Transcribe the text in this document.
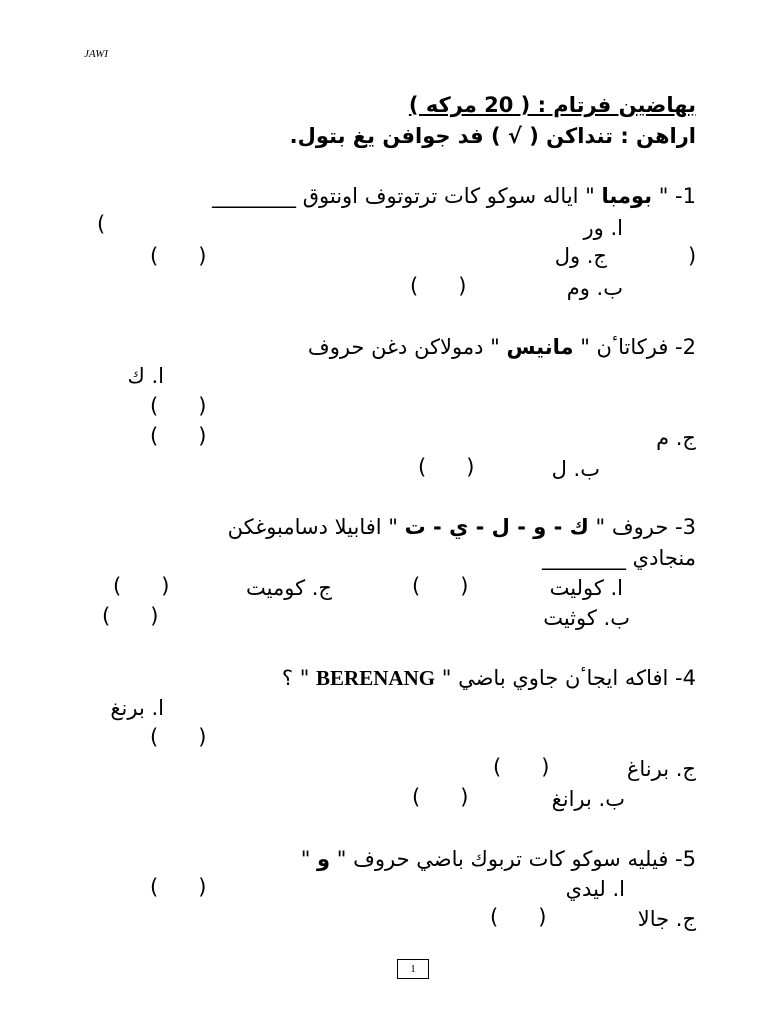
JAWI
بهاضين فرتام : ( 20 مركه )
اراهن : تنداكن ( √ ) فد جوافن يغ بتول.
1- " بومبا " اياله سوكو كات ترتوتوف اونتوق ________
(	ا. ور
)
ج. ول
(      )
ب. وم
(      )
2- فركاتاٴن " مانيس " دمولاكن دغن حروف
ا. ك
(      )
(      )	ج. م
ب. ل
(      )
3- حروف " ك - و - ل - ي - ت " افابيلا دسامبوغكن
منجادي ________
ا. كوليت
(      )
ج. كوميت
(      )
ب. كوثيت
(      )
4- افاكه ايجاٴن جاوي باضي " BERENANG " ؟
ا. برنغ
(      )
ج. برناغ
(      )
ب. برانغ
(      )
5- فيليه سوكو كات تربوك باضي حروف " و "
ا. ليدي
(      )
ج. جالا
(      )
1
